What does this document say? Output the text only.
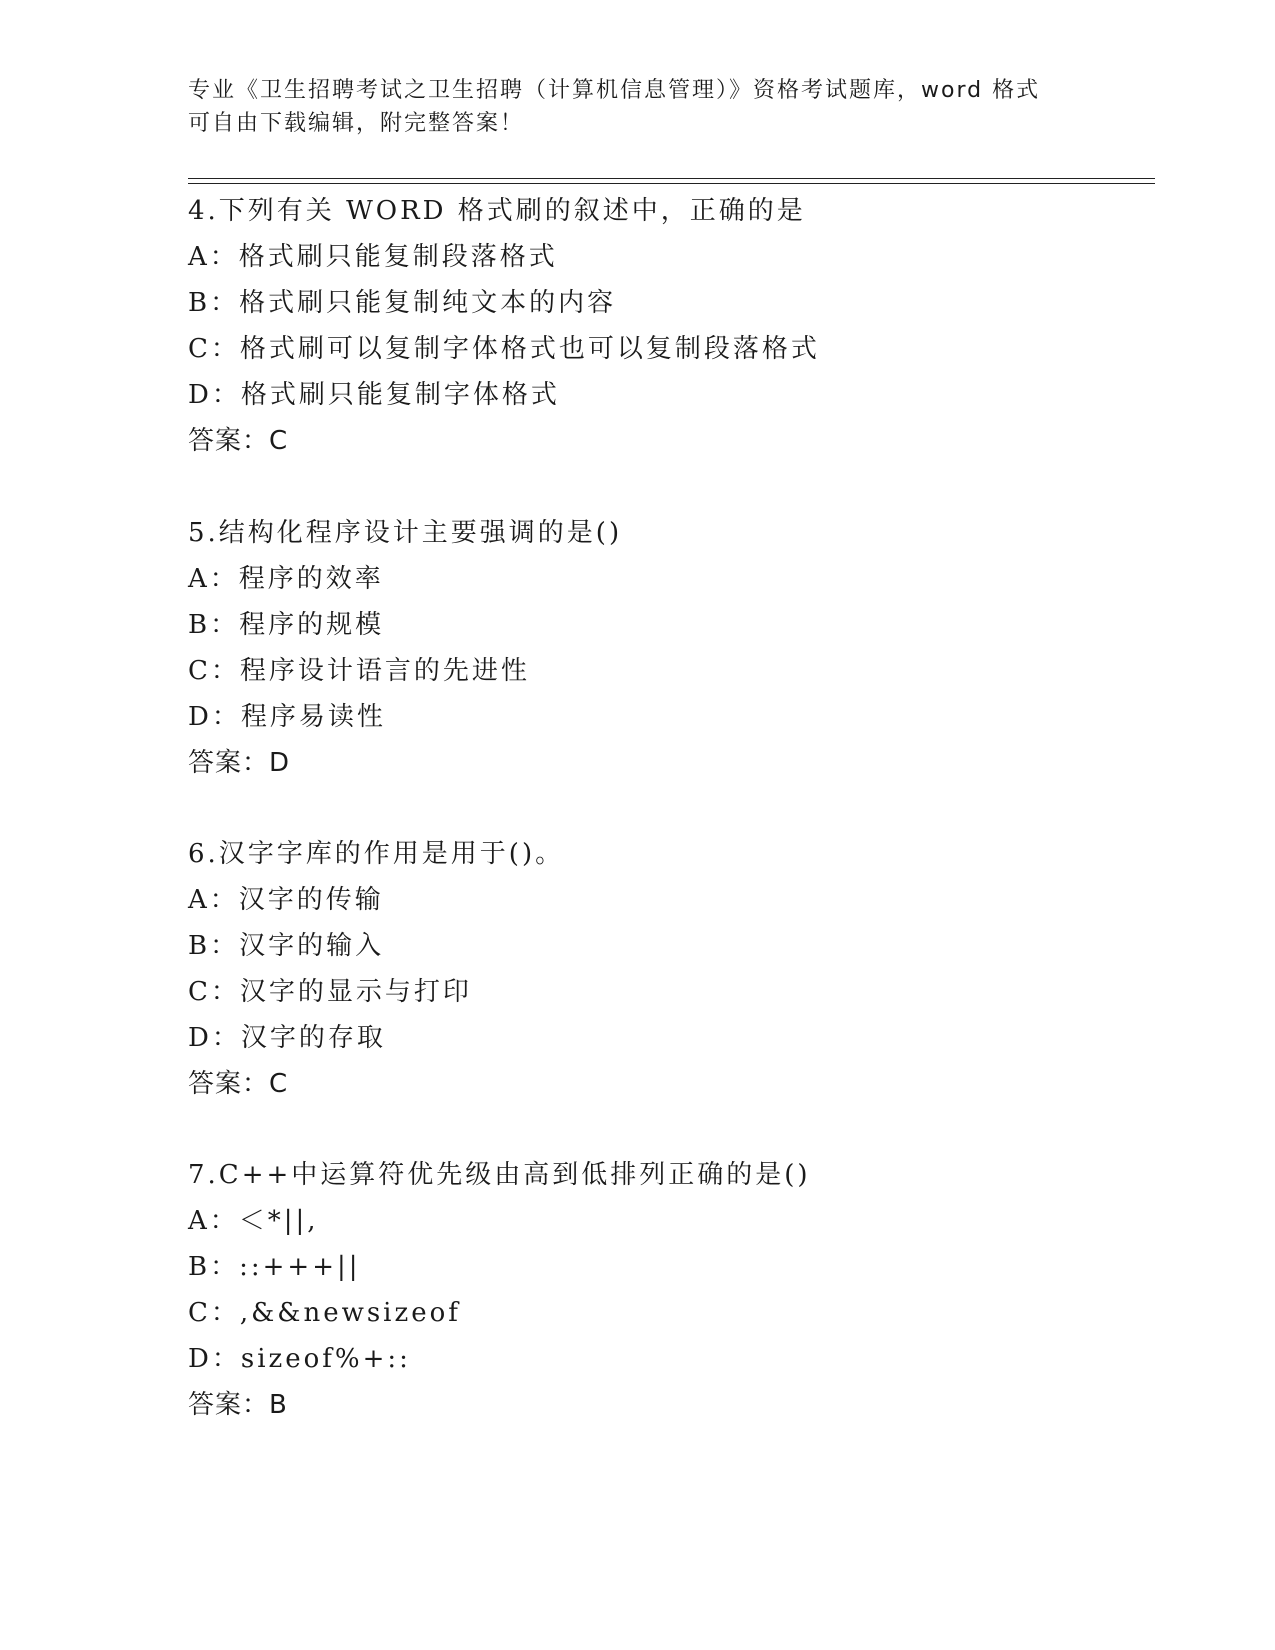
专业《卫生招聘考试之卫生招聘（计算机信息管理）》资格考试题库，word 格式
可自由下载编辑，附完整答案！
4.下列有关 WORD 格式刷的叙述中，正确的是
A：格式刷只能复制段落格式
B：格式刷只能复制纯文本的内容
C：格式刷可以复制字体格式也可以复制段落格式
D：格式刷只能复制字体格式
答案：C
5.结构化程序设计主要强调的是()
A：程序的效率
B：程序的规模
C：程序设计语言的先进性
D：程序易读性
答案：D
6.汉字字库的作用是用于()。
A：汉字的传输
B：汉字的输入
C：汉字的显示与打印
D：汉字的存取
答案：C
7.C++中运算符优先级由高到低排列正确的是()
A：＜*||,
B：::+++||
C：,&&newsizeof
D：sizeof%+::
答案：B
